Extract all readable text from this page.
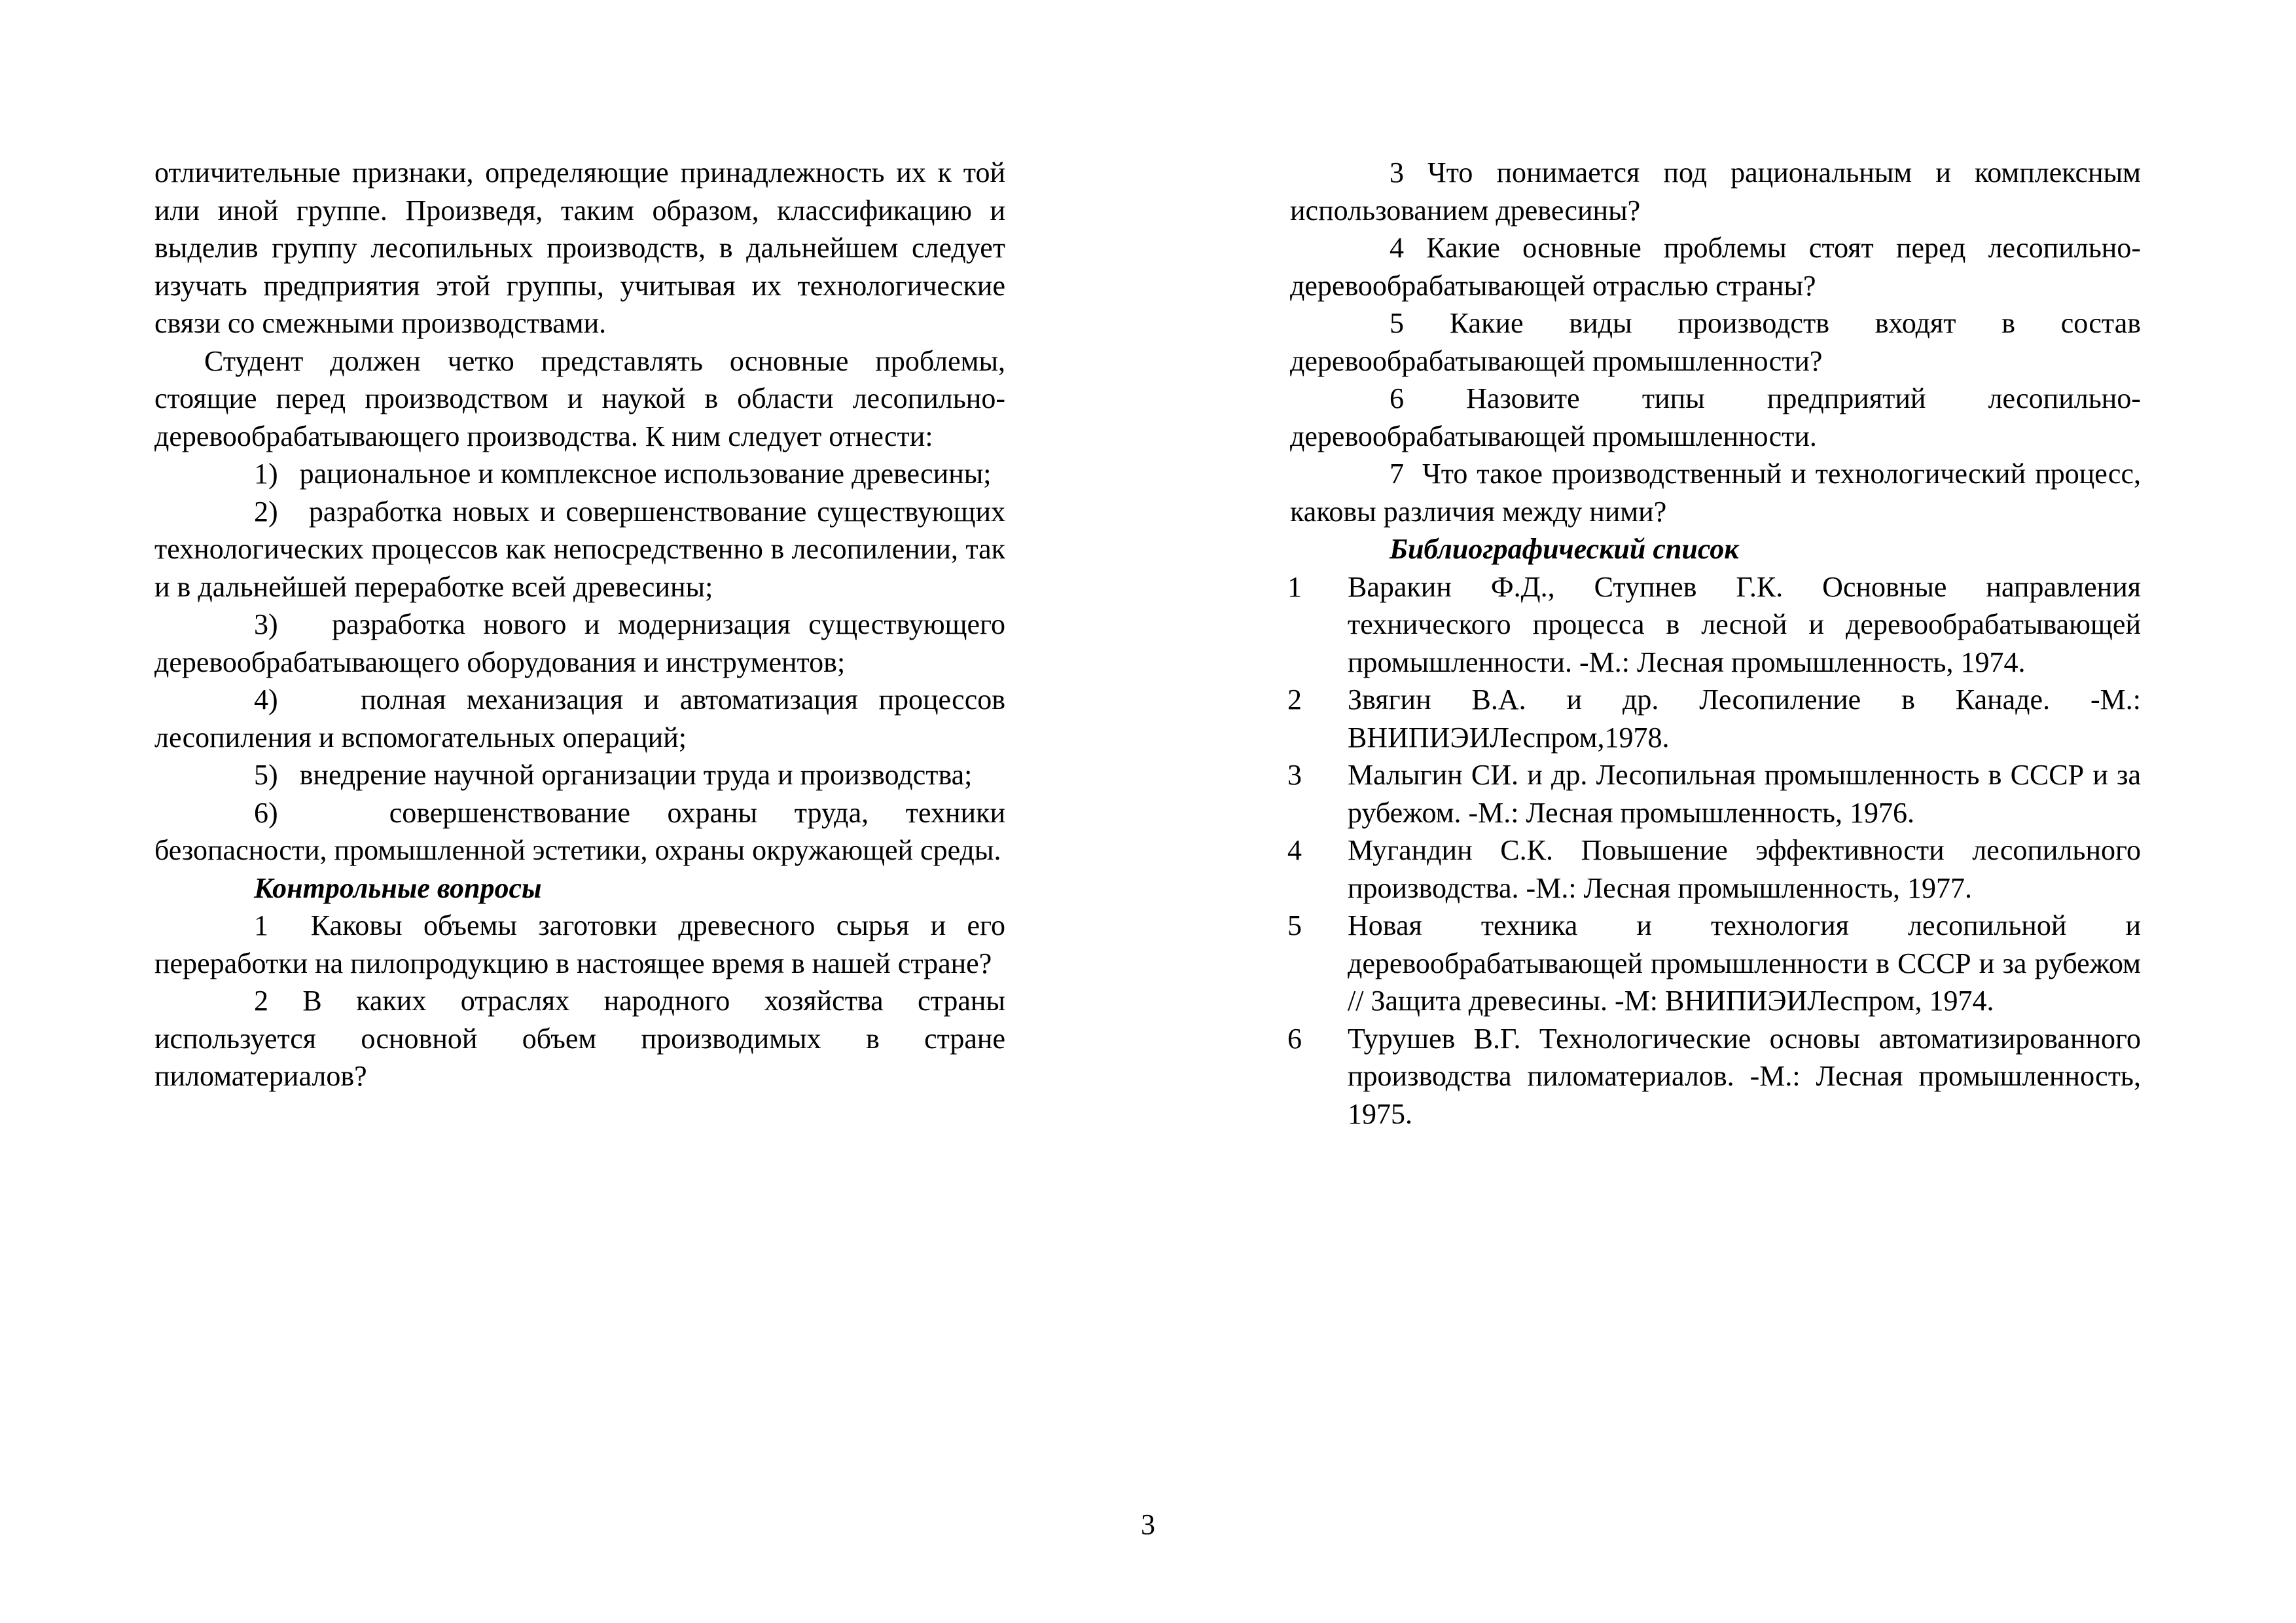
отличительные признаки, определяющие принадлежность их к той или иной группе. Произведя, таким образом, классификацию и выделив группу лесопильных производств, в дальнейшем следует изучать предприятия этой группы, учитывая их технологические связи со смежными производствами.

Студент должен четко представлять основные проблемы, стоящие перед производством и наукой в области лесопильно-деревообрабатывающего производства. К ним следует отнести:

1)   рациональное и комплексное использование древесины;

2)   разработка новых и совершенствование существующих технологических процессов как непосредственно в лесопилении, так и в дальнейшей переработке всей древесины;

3)   разработка нового и модернизация существующего деревообрабатывающего оборудования и инструментов;

4)    полная механизация и автоматизация процессов лесопиления и вспомогательных операций;

5)   внедрение научной организации труда и производства;

6)   совершенствование охраны труда, техники безопасности, промышленной эстетики, охраны окружающей среды.

Контрольные вопросы

1  Каковы объемы заготовки древесного сырья и его переработки на пилопродукцию в настоящее время в нашей стране?

2 В каких отраслях народного хозяйства страны используется основной объем производимых в стране пиломатериалов?

3 Что понимается под рациональным и комплексным использованием древесины?

4 Какие основные проблемы стоят перед лесопильно-деревообрабатывающей отраслью страны?

5 Какие виды производств входят в состав деревообрабатывающей промышленности?

6 Назовите типы предприятий лесопильно-деревообрабатывающей промышленности.

7  Что такое производственный и технологический процесс, каковы различия между ними?

Библиографический список

1	Варакин Ф.Д., Ступнев Г.К. Основные направления технического процесса в лесной и деревообрабатывающей промышленности. -М.: Лесная промышленность, 1974.
2	Звягин В.А. и др. Лесопиление в Канаде. -М.: ВНИПИЭИЛеспром,1978.
3	Малыгин СИ. и др. Лесопильная промышленность в СССР и за рубежом. -М.: Лесная промышленность, 1976.
4	Мугандин С.К. Повышение эффективности лесопильного производства. -М.: Лесная промышленность, 1977.
5	Новая техника и технология лесопильной и деревообрабатывающей промышленности в СССР и за рубежом // Защита древесины. -М: ВНИПИЭИЛеспром, 1974.
6	Турушев В.Г. Технологические основы автоматизированного производства пиломатериалов. -М.: Лесная промышленность, 1975.
3
